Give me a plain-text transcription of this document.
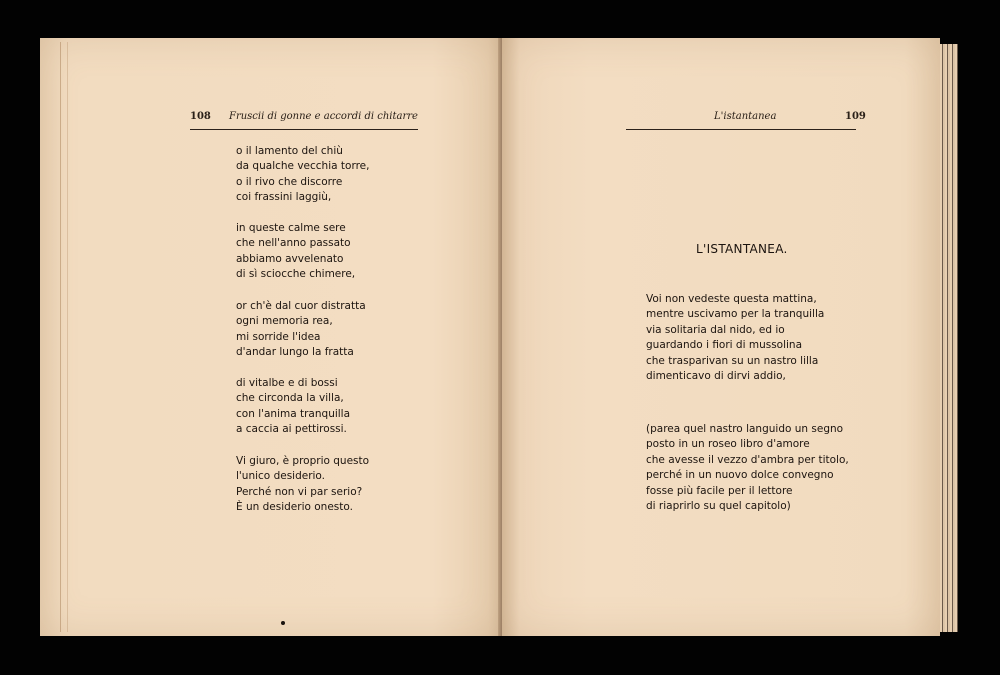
108 Fruscii di gonne e accordi di chitarre
o il lamento del chiù
da qualche vecchia torre,
o il rivo che discorre
coi frassini laggiù,
in queste calme sere
che nell'anno passato
abbiamo avvelenato
di sì sciocche chimere,
or ch'è dal cuor distratta
ogni memoria rea,
mi sorride l'idea
d'andar lungo la fratta
di vitalbe e di bossi
che circonda la villa,
con l'anima tranquilla
a caccia ai pettirossi.
Vi giuro, è proprio questo
l'unico desiderio.
Perché non vi par serio?
È un desiderio onesto.
L'istantanea	109
L'ISTANTANEA.
Voi non vedeste questa mattina,
mentre uscivamo per la tranquilla
via solitaria dal nido, ed io
guardando i fiori di mussolina
che trasparivan su un nastro lilla
dimenticavo di dirvi addio,
(parea quel nastro languido un segno
posto in un roseo libro d'amore
che avesse il vezzo d'ambra per titolo,
perché in un nuovo dolce convegno
fosse più facile per il lettore
di riaprirlo su quel capitolo)
